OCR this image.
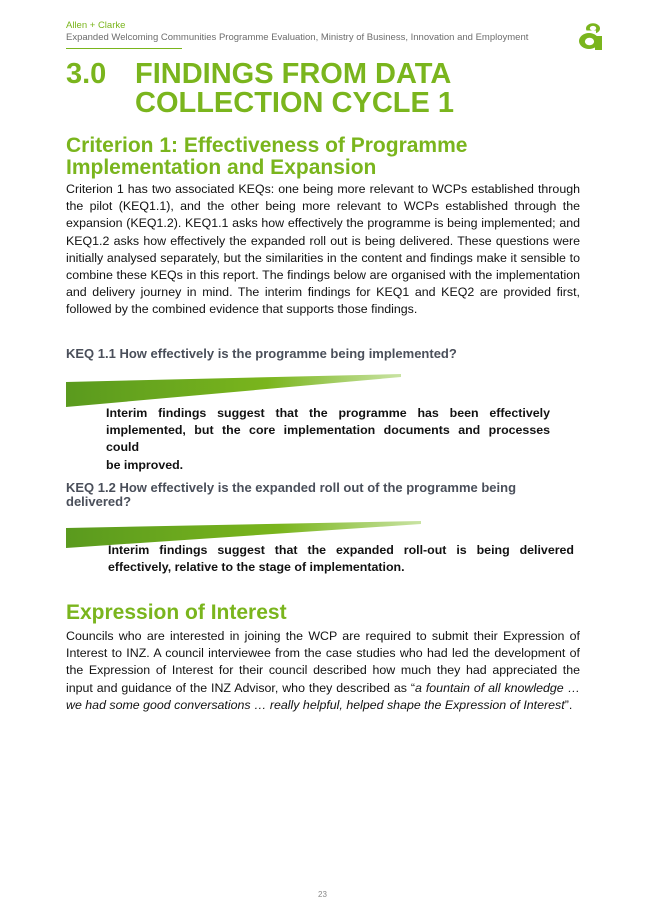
Allen + Clarke
Expanded Welcoming Communities Programme Evaluation, Ministry of Business, Innovation and Employment
3.0 FINDINGS FROM DATA
COLLECTION CYCLE 1
Criterion 1: Effectiveness of Programme
Implementation and Expansion

Criterion 1 has two associated KEQs: one being more relevant to WCPs established through the pilot (KEQ1.1), and the other being more relevant to WCPs established through the expansion (KEQ1.2). KEQ1.1 asks how effectively the programme is being implemented; and KEQ1.2 asks how effectively the expanded roll out is being delivered. These questions were initially analysed separately, but the similarities in the content and findings make it sensible to combine these KEQs in this report. The findings below are organised with the implementation and delivery journey in mind. The interim findings for KEQ1 and KEQ2 are provided first, followed by the combined evidence that supports those findings.

KEQ 1.1 How effectively is the programme being implemented?
Interim findings suggest that the programme has been effectively implemented, but the core implementation documents and processes could
be improved.
KEQ 1.2 How effectively is the expanded roll out of the programme being
delivered?
Interim findings suggest that the expanded roll-out is being delivered
effectively, relative to the stage of implementation.
Expression of Interest

Councils who are interested in joining the WCP are required to submit their Expression of Interest to INZ. A council interviewee from the case studies who had led the development of the Expression of Interest for their council described how much they had appreciated the input and guidance of the INZ Advisor, who they described as “a fountain of all knowledge … we had some good conversations … really helpful, helped shape the Expression of Interest”.

23
